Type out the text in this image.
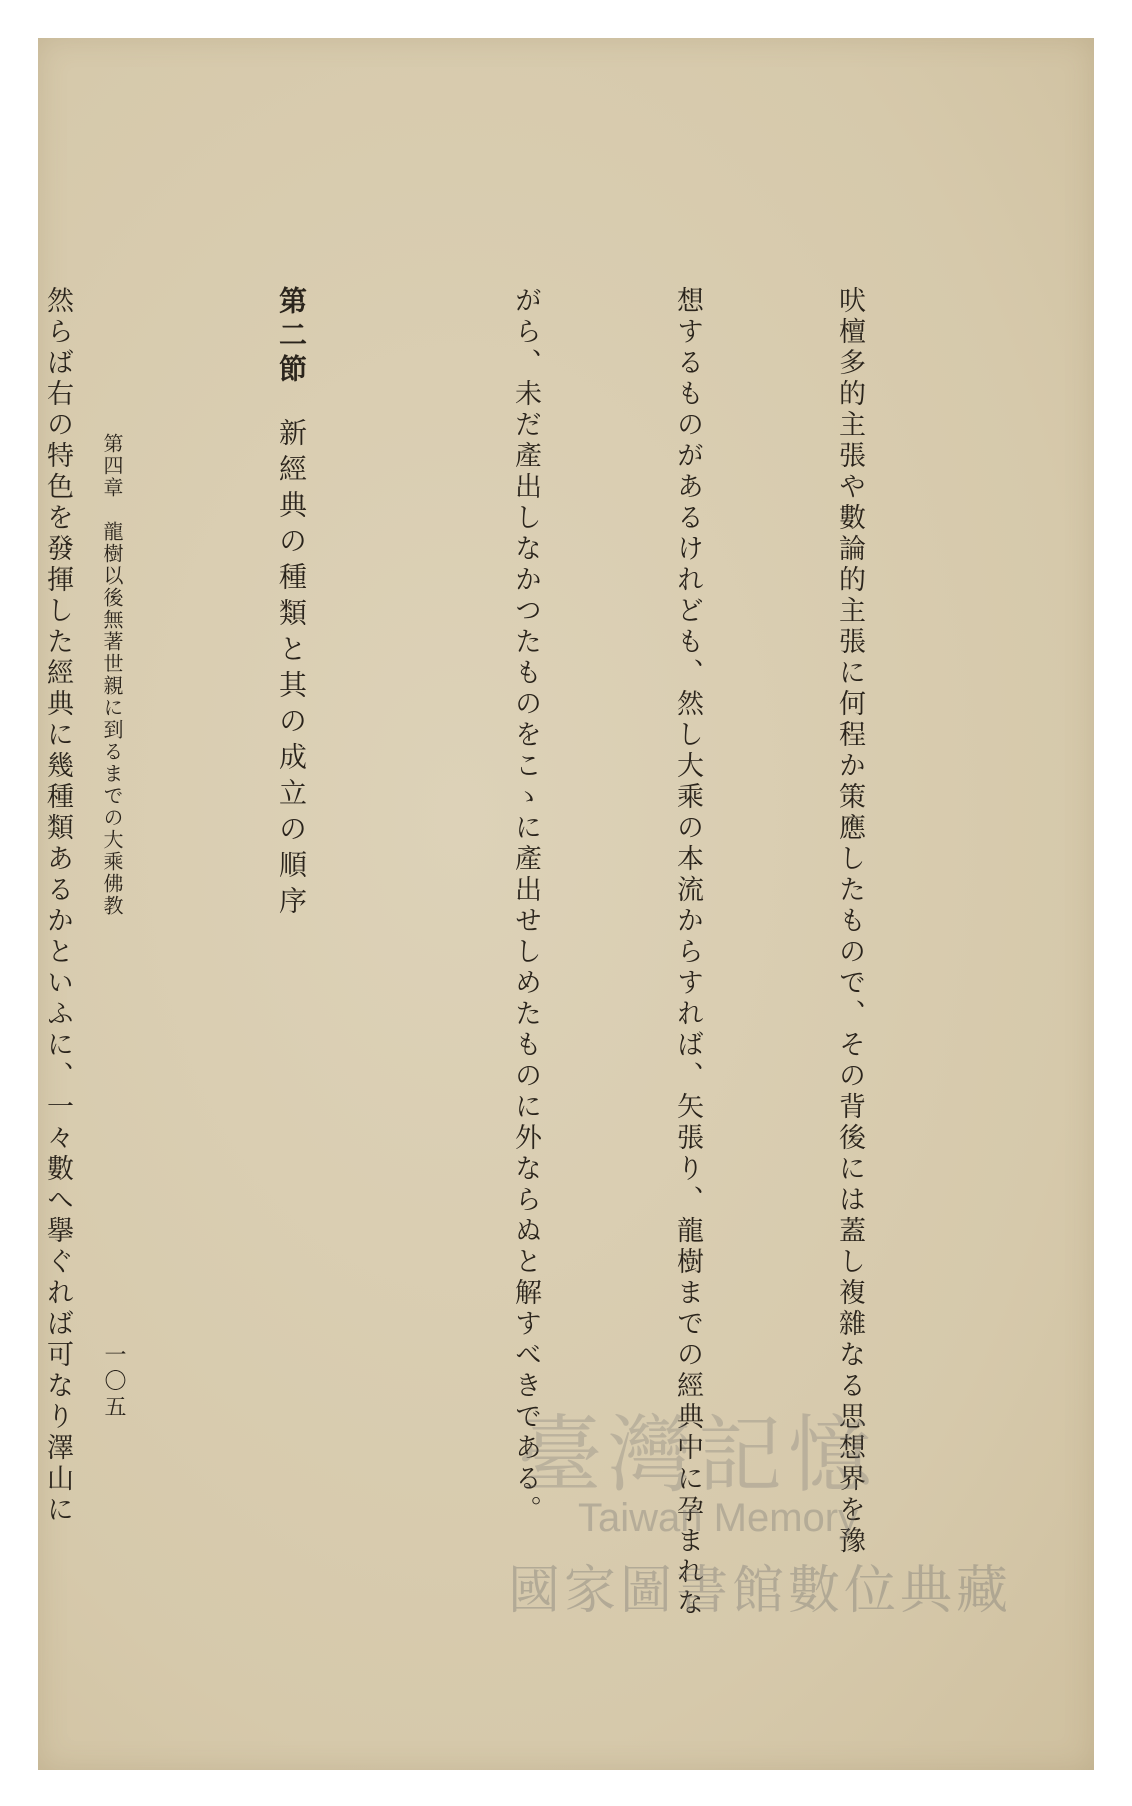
吠檀多的主張や數論的主張に何程か策應したもので、その背後には蓋し複雜なる思想界を豫

想するものがあるけれども、然し大乘の本流からすれば、矢張り、龍樹までの經典中に孕まれな

がら、未だ產出しなかつたものをこゝに產出せしめたものに外ならぬと解すべきである。

第二節新經典の種類と其の成立の順序

然らば右の特色を發揮した經典に幾種類あるかといふに、一々數へ擧ぐれば可なり澤山に

	第四章　龍樹以後無著世親に到るまでの大乘佛教
一〇五
臺灣記憶
Taiwan Memory
國家圖書館數位典藏
